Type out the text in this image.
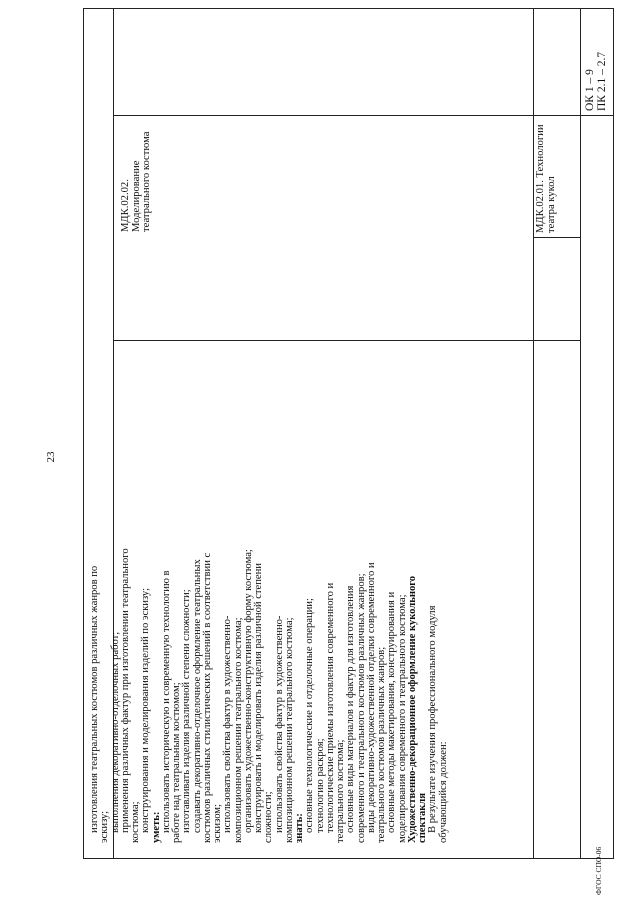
23
изготовления театральных костюмов различных жанров по эскизу; выполнения декоративно-отделочных работ; применения различных фактур при изготовлении театрального костюма; конструирования и моделирования изделий по эскизу; уметь: использовать историческую и современную технологию в работе над театральным костюмом; изготавливать изделия различной степени сложности; создавать декоративно-отделочное оформление театральных костюмов различных стилистических решений в соответствии с эскизом; использовать свойства фактур в художественно- композиционном решении театрального костюма; организовать художественно-конструктивную форму костюма; конструировать и моделировать изделия различной степени сложности; использовать свойства фактур в художественно- композиционном решении театрального костюма; знать: основные технологические и отделочные операции; технологию раскроя; технологические приемы изготовления современного и театрального костюма; основные виды материалов и фактур для изготовления современного и театрального костюмов различных жанров; виды декоративно-художественной отделки современного и театрального костюмов различных жанров; основные методы макетирования, конструирования и моделирования современного и театрального костюма; Художественно-декорационное оформление кукольного спектакля В результате изучения профессионального модуля обучающийся должен:
МДК.02.02. Моделирование театрального костюма	МДК.02.01. Технологии театра кукол
ОК 1 – 9 ПК 2.1 – 2.7
ФГОС СПО-06
